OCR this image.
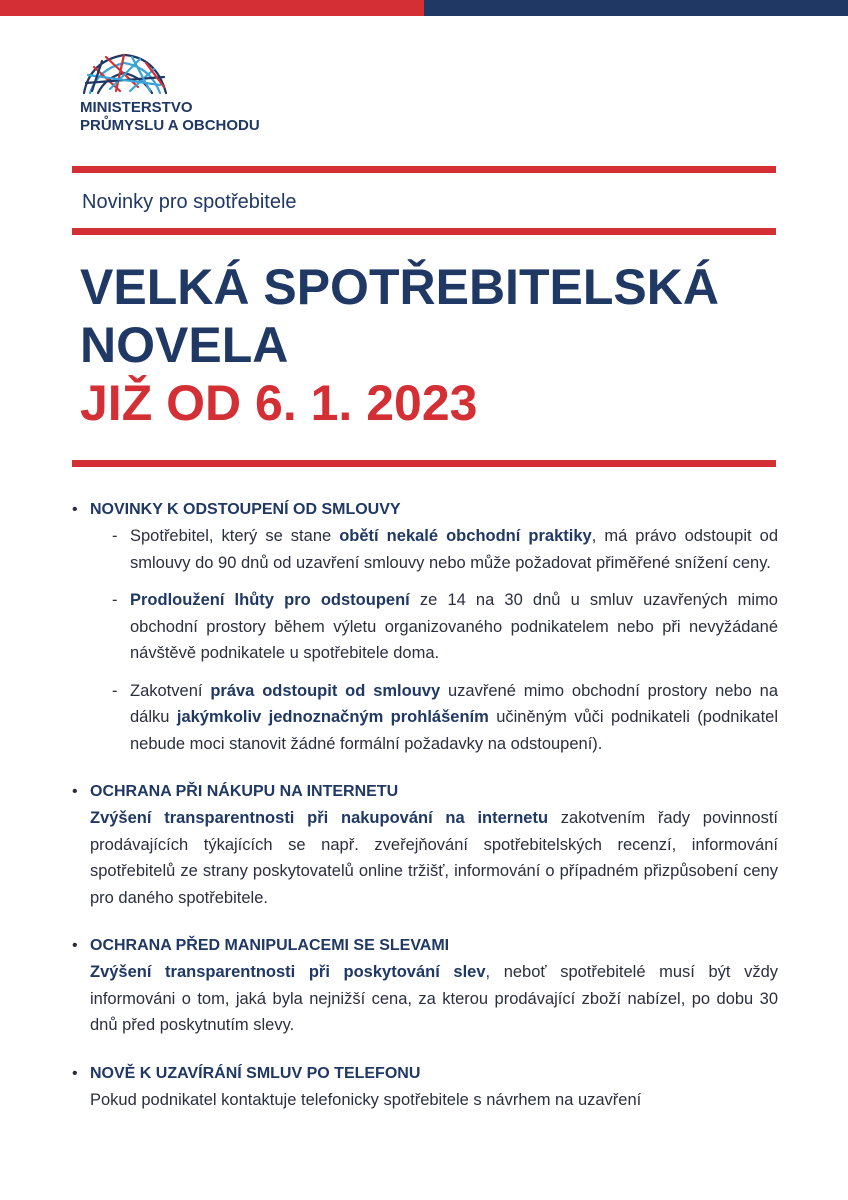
MINISTERSTVO
PRŮMYSLU A OBCHODU
Novinky pro spotřebitele
VELKÁ SPOTŘEBITELSKÁ
NOVELA
JIŽ OD 6. 1. 2023
• NOVINKY K ODSTOUPENÍ OD SMLOUVY
- Spotřebitel, který se stane obětí nekalé obchodní praktiky, má právo odstoupit od smlouvy do 90 dnů od uzavření smlouvy nebo může požadovat přiměřené snížení ceny.
- Prodloužení lhůty pro odstoupení ze 14 na 30 dnů u smluv uzavřených mimo obchodní prostory během výletu organizovaného podnikatelem nebo při nevyžádané návštěvě podnikatele u spotřebitele doma.
- Zakotvení práva odstoupit od smlouvy uzavřené mimo obchodní prostory nebo na dálku jakýmkoliv jednoznačným prohlášením učiněným vůči podnikateli (podnikatel nebude moci stanovit žádné formální požadavky na odstoupení).
• OCHRANA PŘI NÁKUPU NA INTERNETU
Zvýšení transparentnosti při nakupování na internetu zakotvením řady povinností prodávajících týkajících se např. zveřejňování spotřebitelských recenzí, informování spotřebitelů ze strany poskytovatelů online tržišť, informování o případném přizpůsobení ceny pro daného spotřebitele.
• OCHRANA PŘED MANIPULACEMI SE SLEVAMI
Zvýšení transparentnosti při poskytování slev, neboť spotřebitelé musí být vždy informováni o tom, jaká byla nejnižší cena, za kterou prodávající zboží nabízel, po dobu 30 dnů před poskytnutím slevy.
• NOVĚ K UZAVÍRÁNÍ SMLUV PO TELEFONU
Pokud podnikatel kontaktuje telefonicky spotřebitele s návrhem na uzavření
